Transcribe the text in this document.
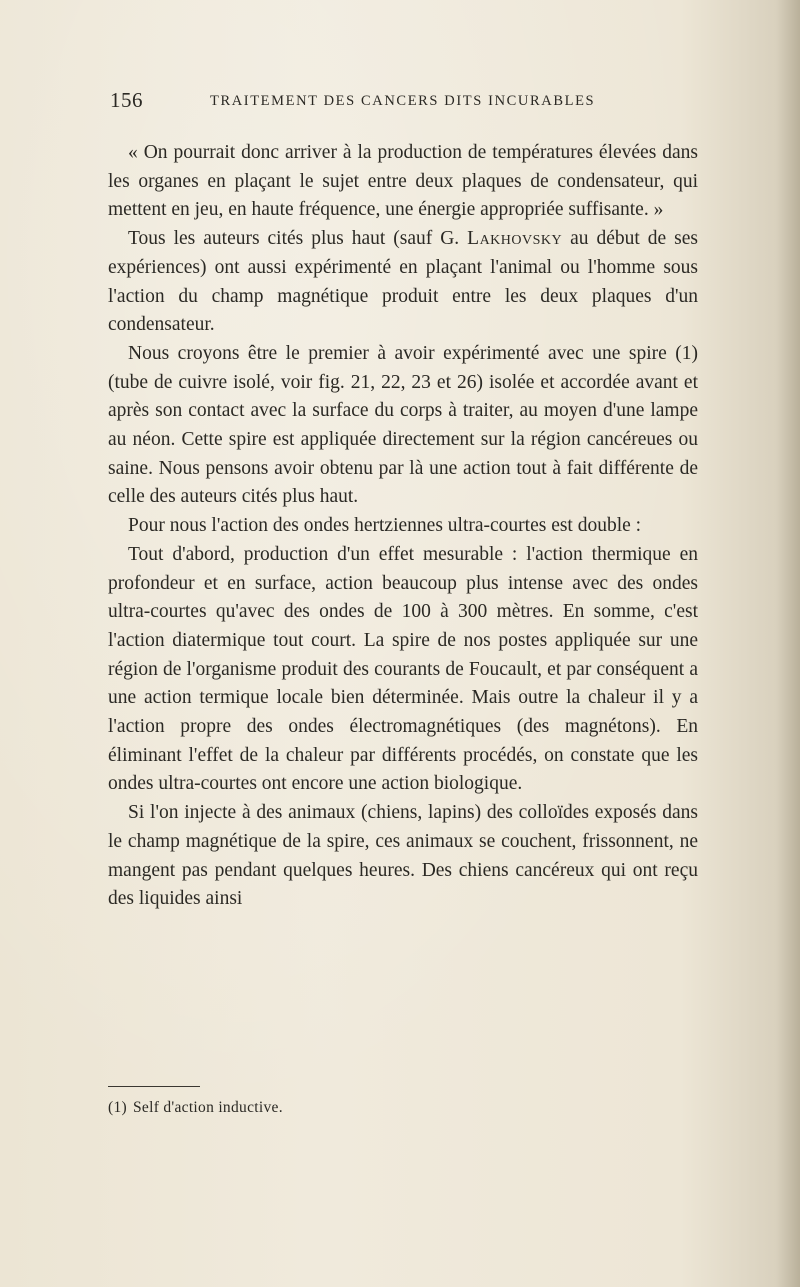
156	TRAITEMENT DES CANCERS DITS INCURABLES

« On pourrait donc arriver à la production de températures élevées dans les organes en plaçant le sujet entre deux plaques de condensateur, qui mettent en jeu, en haute fréquence, une énergie appropriée suffisante. »

Tous les auteurs cités plus haut (sauf G. Lakhovsky au début de ses expériences) ont aussi expérimenté en plaçant l'animal ou l'homme sous l'action du champ magnétique produit entre les deux plaques d'un condensateur.

Nous croyons être le premier à avoir expérimenté avec une spire (1) (tube de cuivre isolé, voir fig. 21, 22, 23 et 26) isolée et accordée avant et après son contact avec la surface du corps à traiter, au moyen d'une lampe au néon. Cette spire est appliquée directement sur la région cancéreues ou saine. Nous pensons avoir obtenu par là une action tout à fait différente de celle des auteurs cités plus haut.

Pour nous l'action des ondes hertziennes ultra-courtes est double :

Tout d'abord, production d'un effet mesurable : l'action thermique en profondeur et en surface, action beaucoup plus intense avec des ondes ultra-courtes qu'avec des ondes de 100 à 300 mètres. En somme, c'est l'action diatermique tout court. La spire de nos postes appliquée sur une région de l'organisme produit des courants de Foucault, et par conséquent a une action termique locale bien déterminée. Mais outre la chaleur il y a l'action propre des ondes électromagnétiques (des magnétons). En éliminant l'effet de la chaleur par différents procédés, on constate que les ondes ultra-courtes ont encore une action biologique.

Si l'on injecte à des animaux (chiens, lapins) des colloïdes exposés dans le champ magnétique de la spire, ces animaux se couchent, frissonnent, ne mangent pas pendant quelques heures. Des chiens cancéreux qui ont reçu des liquides ainsi

(1) Self d'action inductive.
